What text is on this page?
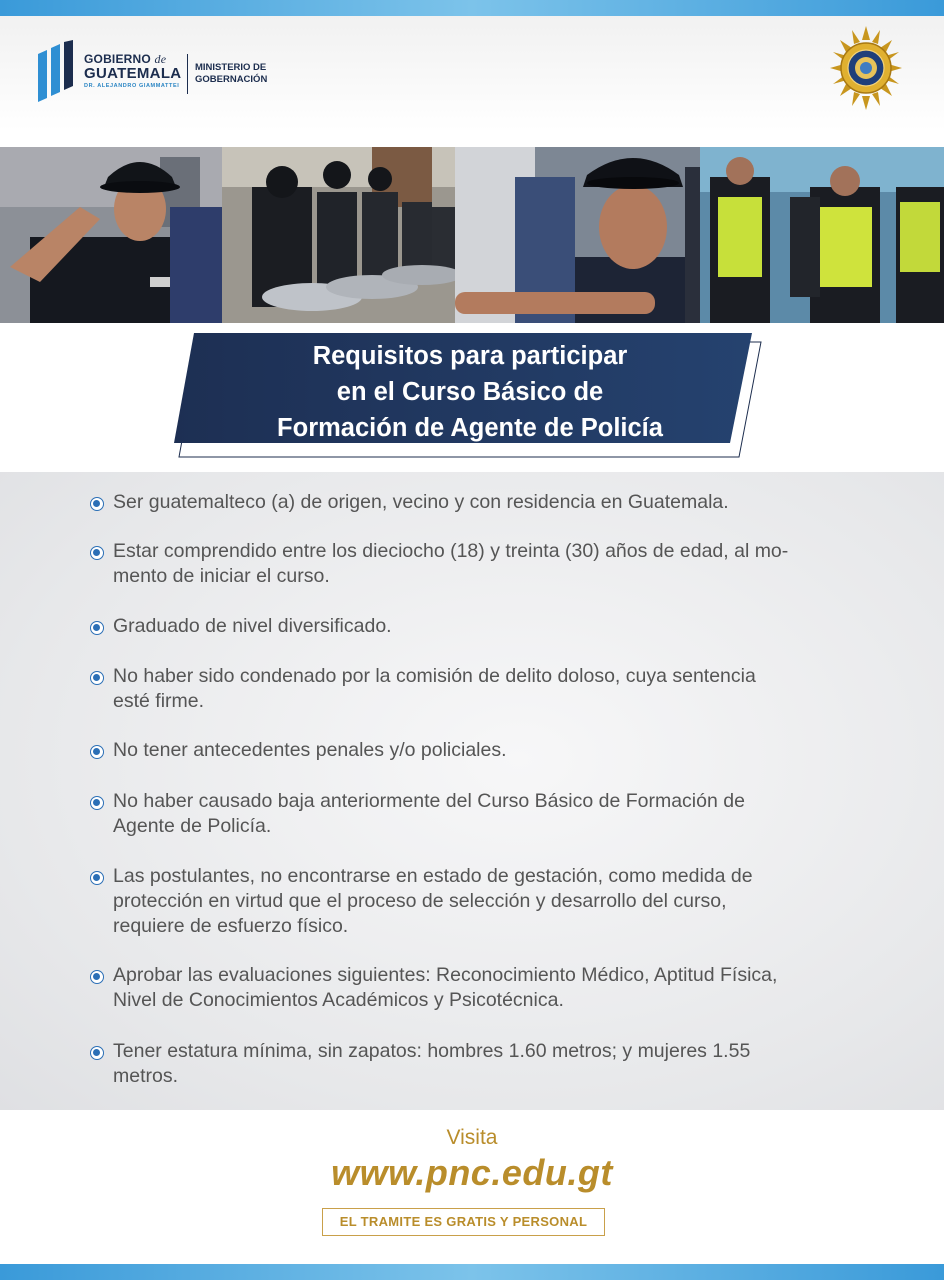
GOBIERNO de
GUATEMALA
DR. ALEJANDRO GIAMMATTEI
MINISTERIO DE
GOBERNACIÓN
Requisitos para participar
en el Curso Básico de
Formación de Agente de Policía
Ser guatemalteco (a) de origen, vecino y con residencia en Guatemala.
Estar comprendido entre los dieciocho (18) y treinta (30) años de edad, al mo-
mento de iniciar el curso.
Graduado de nivel diversificado.
No haber sido condenado por la comisión de delito doloso, cuya sentencia
esté firme.
No tener antecedentes penales y/o policiales.
No haber causado baja anteriormente del Curso Básico de Formación de
Agente de Policía.
Las postulantes, no encontrarse en estado de gestación, como medida de
protección en virtud que el proceso de selección y desarrollo del curso,
requiere de esfuerzo físico.
Aprobar las evaluaciones siguientes: Reconocimiento Médico, Aptitud Física,
Nivel de Conocimientos Académicos y Psicotécnica.
Tener estatura mínima, sin zapatos: hombres 1.60 metros; y mujeres 1.55
metros.
Visita
www.pnc.edu.gt
EL TRAMITE ES GRATIS Y PERSONAL
